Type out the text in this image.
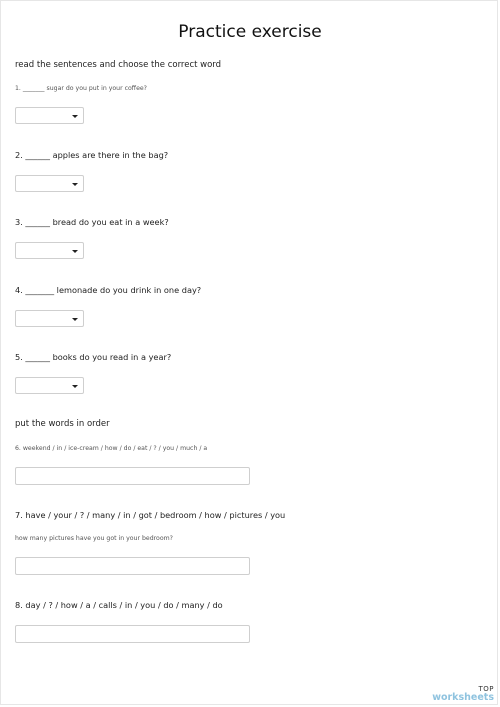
Practice exercise
read the sentences and choose the correct word
1. _______ sugar do you put in your coffee?
2. ______ apples are there in the bag?
3. ______ bread do you eat in a week?
4. _______ lemonade do you drink in one day?
5. ______ books do you read in a year?
put the words in order
6. weekend / in / ice-cream / how / do / eat / ? / you / much / a
7. have / your / ? / many / in / got / bedroom / how / pictures / you
how many pictures have you got in your bedroom?
8. day / ? / how / a / calls / in / you / do / many / do
TOP
worksheets
